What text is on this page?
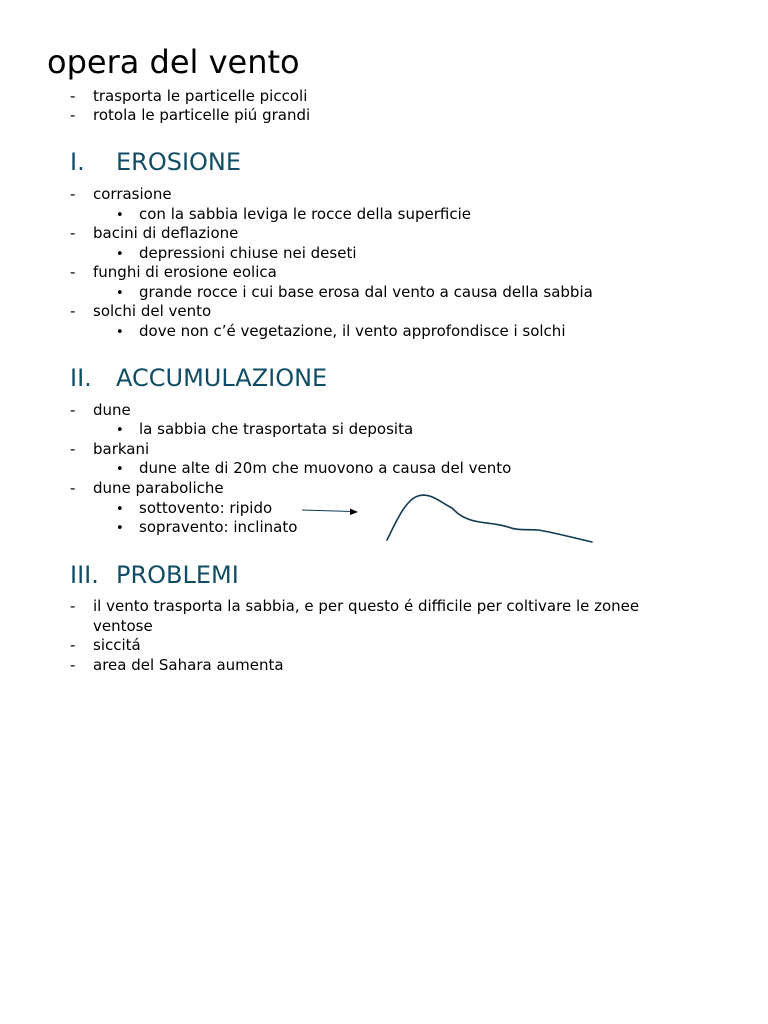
opera del vento
- trasporta le particelle piccoli
- rotola le particelle piú grandi
I. EROSIONE
- corrasione
• con la sabbia leviga le rocce della superficie
- bacini di deflazione
• depressioni chiuse nei deseti
- funghi di erosione eolica
• grande rocce i cui base erosa dal vento a causa della sabbia
- solchi del vento
• dove non c’é vegetazione, il vento approfondisce i solchi
II. ACCUMULAZIONE
- dune
• la sabbia che trasportata si deposita
- barkani
• dune alte di 20m che muovono a causa del vento
- dune paraboliche
• sottovento: ripido
• sopravento: inclinato
III. PROBLEMI
- il vento trasporta la sabbia, e per questo é difficile per coltivare le zonee
ventose
- siccitá
- area del Sahara aumenta
